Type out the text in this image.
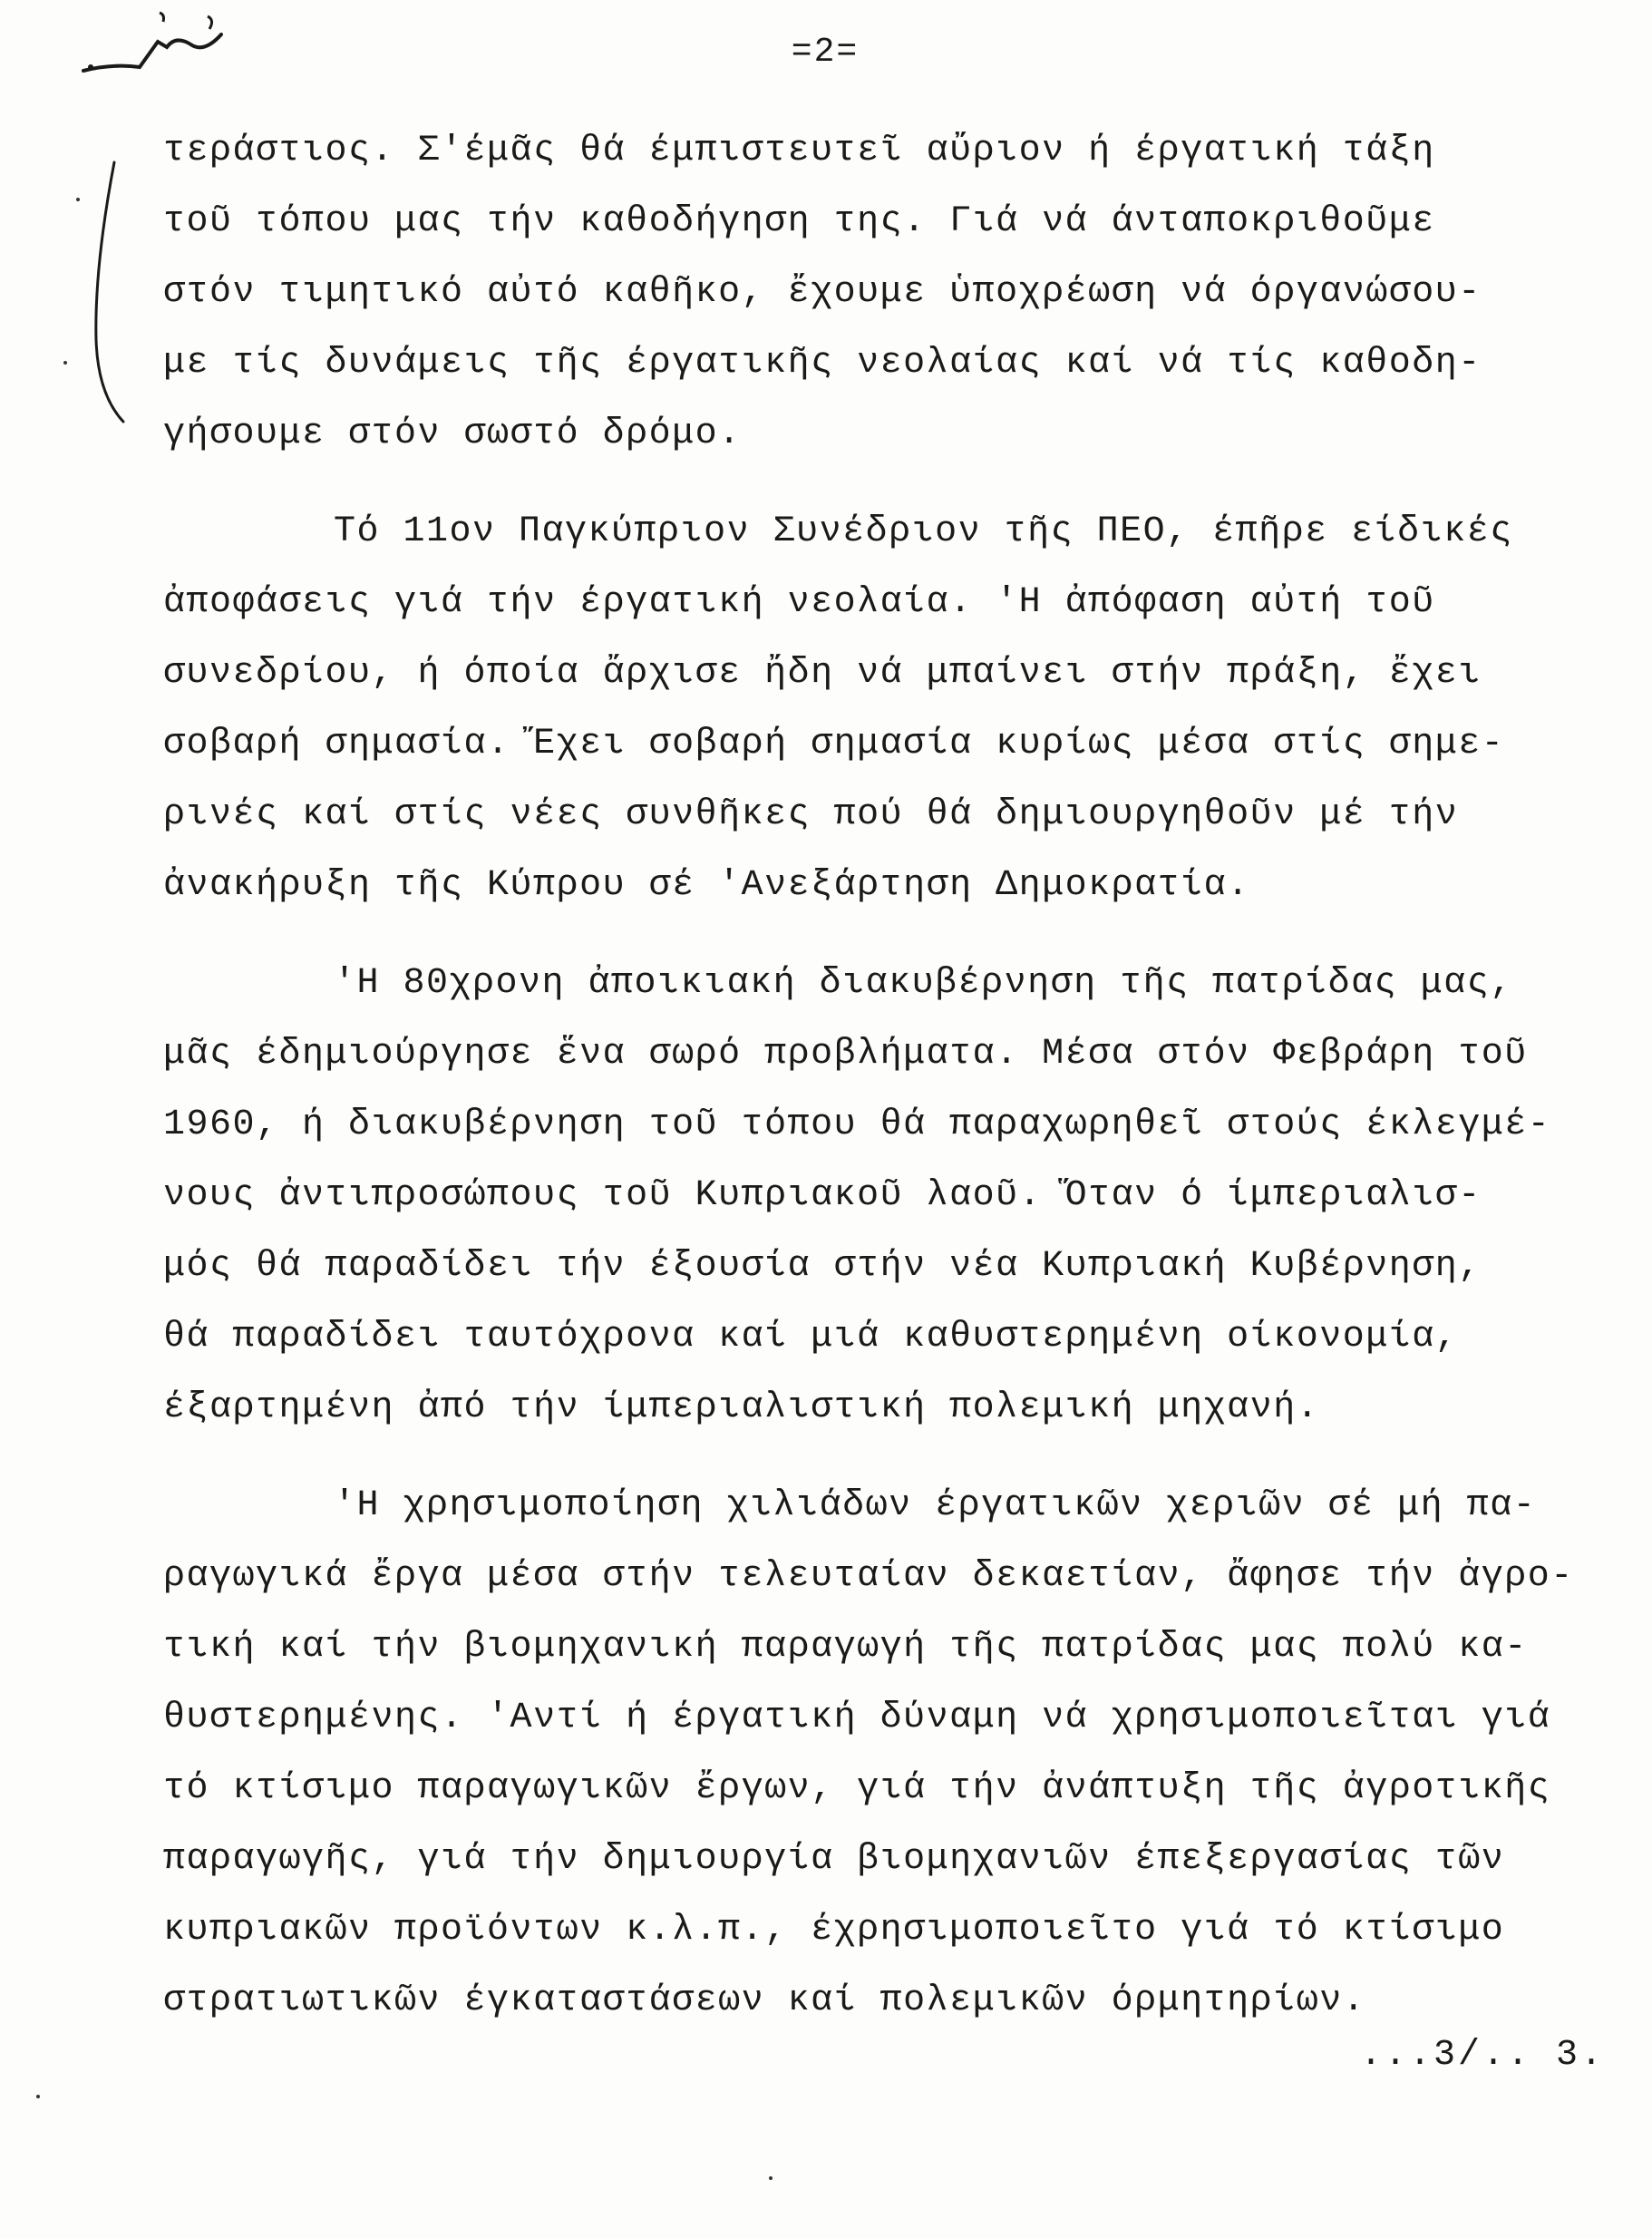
=2=
τεράστιος. Σ'έμᾶς θά έμπιστευτεῖ αὔριον ή έργατική τάξη
τοῦ τόπου μας τήν καθοδήγηση της. Γιά νά άνταποκριθοῦμε
στόν τιμητικό αὐτό καθῆκο, ἔχουμε ὑποχρέωση νά όργανώσου-
με τίς δυνάμεις τῆς έργατικῆς νεολαίας καί νά τίς καθοδη-
γήσουμε στόν σωστό δρόμο.
Τό 11ον Παγκύπριον Συνέδριον τῆς ΠΕΟ, έπῆρε είδικές
ἀποφάσεις γιά τήν έργατική νεολαία. 'Η ἀπόφαση αὐτή τοῦ
συνεδρίου, ή όποία ἄρχισε ἤδη νά μπαίνει στήν πράξη, ἔχει
σοβαρή σημασία. Ἔχει σοβαρή σημασία κυρίως μέσα στίς σημε-
ρινές καί στίς νέες συνθῆκες πού θά δημιουργηθοῦν μέ τήν
ἀνακήρυξη τῆς Κύπρου σέ 'Ανεξάρτηση Δημοκρατία.
'Η 80χρονη ἀποικιακή διακυβέρνηση τῆς πατρίδας μας,
μᾶς έδημιούργησε ἕνα σωρό προβλήματα. Μέσα στόν Φεβράρη τοῦ
1960, ή διακυβέρνηση τοῦ τόπου θά παραχωρηθεῖ στούς έκλεγμέ-
νους ἀντιπροσώπους τοῦ Κυπριακοῦ λαοῦ. Ὅταν ό ίμπεριαλισ-
μός θά παραδίδει τήν έξουσία στήν νέα Κυπριακή Κυβέρνηση,
θά παραδίδει ταυτόχρονα καί μιά καθυστερημένη οίκονομία,
έξαρτημένη ἀπό τήν ίμπεριαλιστική πολεμική μηχανή.
'Η χρησιμοποίηση χιλιάδων έργατικῶν χεριῶν σέ μή πα-
ραγωγικά ἔργα μέσα στήν τελευταίαν δεκαετίαν, ἄφησε τήν ἀγρο-
τική καί τήν βιομηχανική παραγωγή τῆς πατρίδας μας πολύ κα-
θυστερημένης. 'Αντί ή έργατική δύναμη νά χρησιμοποιεῖται γιά
τό κτίσιμο παραγωγικῶν ἔργων, γιά τήν ἀνάπτυξη τῆς ἀγροτικῆς
παραγωγῆς, γιά τήν δημιουργία βιομηχανιῶν έπεξεργασίας τῶν
κυπριακῶν προϊόντων κ.λ.π., έχρησιμοποιεῖτο γιά τό κτίσιμο
στρατιωτικῶν έγκαταστάσεων καί πολεμικῶν όρμητηρίων.
...3/.. 3.
